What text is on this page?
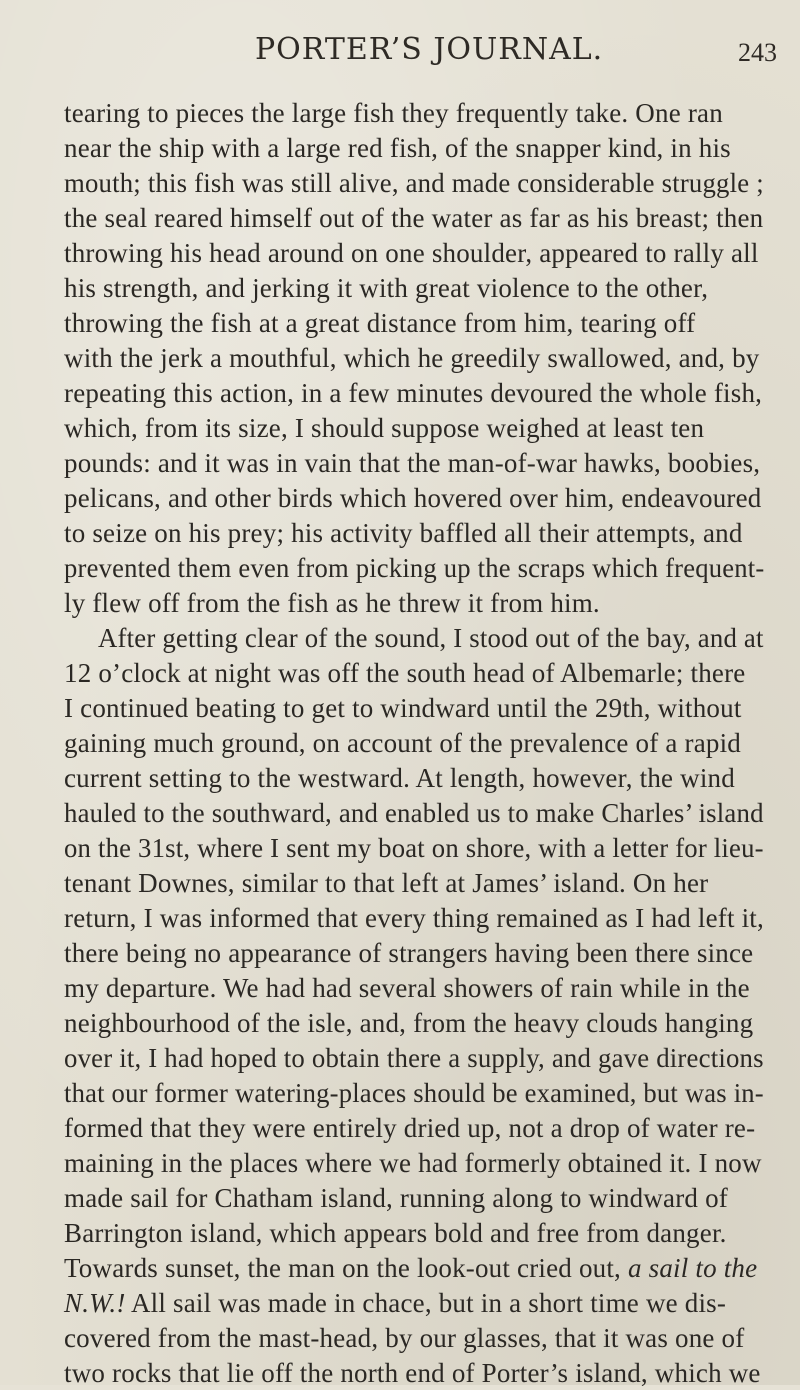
PORTER’S JOURNAL.	243
tearing to pieces the large fish they frequently take. One ran
near the ship with a large red fish, of the snapper kind, in his
mouth; this fish was still alive, and made considerable struggle ;
the seal reared himself out of the water as far as his breast; then
throwing his head around on one shoulder, appeared to rally all
his strength, and jerking it with great violence to the other,
throwing the fish at a great distance from him, tearing off
with the jerk a mouthful, which he greedily swallowed, and, by
repeating this action, in a few minutes devoured the whole fish,
which, from its size, I should suppose weighed at least ten
pounds: and it was in vain that the man-of-war hawks, boobies,
pelicans, and other birds which hovered over him, endeavoured
to seize on his prey; his activity baffled all their attempts, and
prevented them even from picking up the scraps which frequent-
ly flew off from the fish as he threw it from him.
After getting clear of the sound, I stood out of the bay, and at
12 o’clock at night was off the south head of Albemarle; there
I continued beating to get to windward until the 29th, without
gaining much ground, on account of the prevalence of a rapid
current setting to the westward. At length, however, the wind
hauled to the southward, and enabled us to make Charles’ island
on the 31st, where I sent my boat on shore, with a letter for lieu-
tenant Downes, similar to that left at James’ island. On her
return, I was informed that every thing remained as I had left it,
there being no appearance of strangers having been there since
my departure. We had had several showers of rain while in the
neighbourhood of the isle, and, from the heavy clouds hanging
over it, I had hoped to obtain there a supply, and gave directions
that our former watering-places should be examined, but was in-
formed that they were entirely dried up, not a drop of water re-
maining in the places where we had formerly obtained it. I now
made sail for Chatham island, running along to windward of
Barrington island, which appears bold and free from danger.
Towards sunset, the man on the look-out cried out, a sail to the
N.W.! All sail was made in chace, but in a short time we dis-
covered from the mast-head, by our glasses, that it was one of
two rocks that lie off the north end of Porter’s island, which we
